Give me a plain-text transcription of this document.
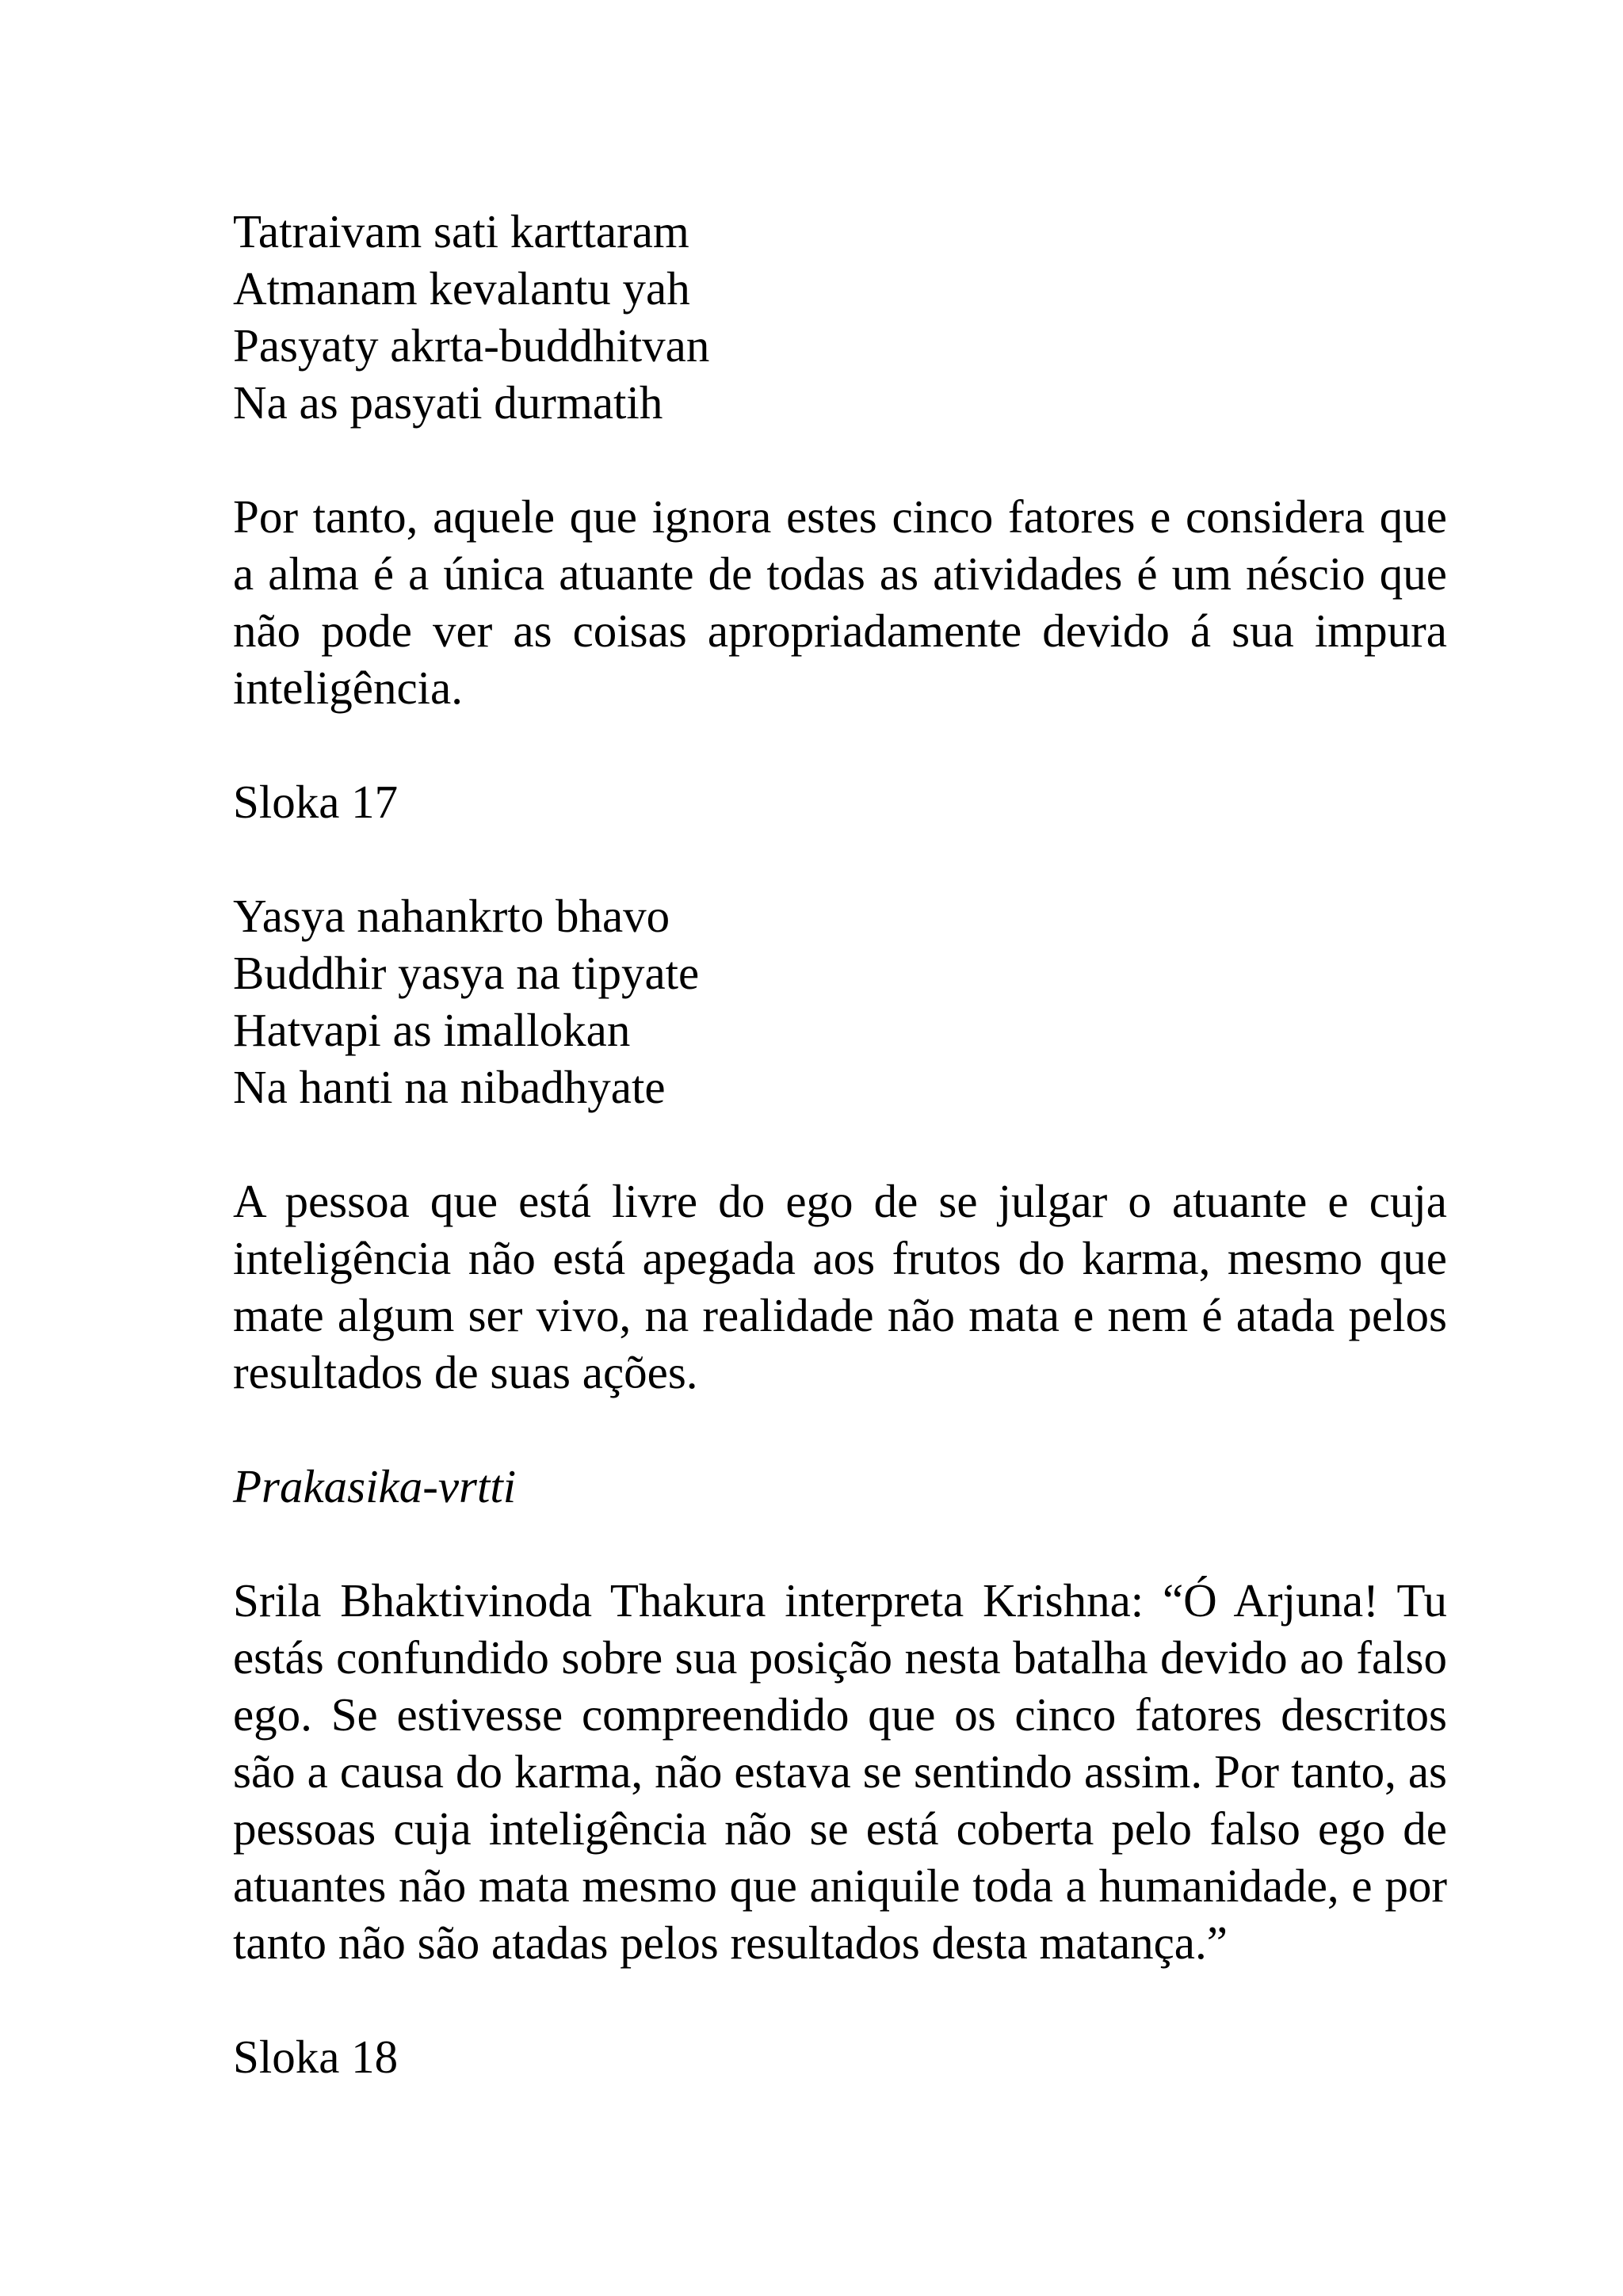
Tatraivam sati karttaram
Atmanam kevalantu yah
Pasyaty akrta-buddhitvan
Na as pasyati durmatih

Por tanto, aquele que ignora estes cinco fatores e considera que a alma é a única atuante de todas as atividades é um néscio que não pode ver as coisas apropriadamente devido á sua impura inteligência.

Sloka 17

Yasya nahankrto bhavo
Buddhir yasya na tipyate
Hatvapi as imallokan
Na hanti na nibadhyate

A pessoa que está livre do ego de se julgar o atuante e cuja inteligência não está apegada aos frutos do karma, mesmo que mate algum ser vivo, na realidade não mata e nem é atada pelos resultados de suas ações.

Prakasika-vrtti

Srila Bhaktivinoda Thakura interpreta Krishna: “Ó Arjuna! Tu estás confundido sobre sua posição nesta batalha devido ao falso ego. Se estivesse compreendido que os cinco fatores descritos são a causa do karma, não estava se sentindo assim. Por tanto, as pessoas cuja inteligência não se está coberta pelo falso ego de atuantes não mata mesmo que aniquile toda a humanidade, e por tanto não são atadas pelos resultados desta matança.”

Sloka 18
